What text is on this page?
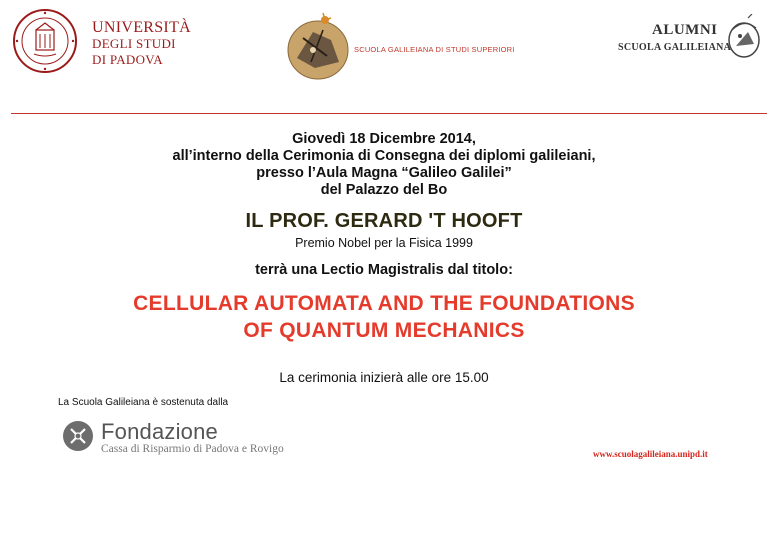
UNIVERSITÀ
DEGLI STUDI
DI PADOVA
SCUOLA GALILEIANA DI STUDI SUPERIORI
ALUMNI
SCUOLA GALILEIANA
Giovedì 18 Dicembre 2014,
all’interno della Cerimonia di Consegna dei diplomi galileiani,
presso l’Aula Magna “Galileo Galilei”
del Palazzo del Bo
IL PROF. GERARD 'T HOOFT
Premio Nobel per la Fisica 1999
terrà una Lectio Magistralis dal titolo:
CELLULAR AUTOMATA AND THE FOUNDATIONS
OF QUANTUM MECHANICS
La cerimonia inizierà alle ore 15.00
La Scuola Galileiana è sostenuta dalla
Fondazione
Cassa di Risparmio di Padova e Rovigo	www.scuolagalileiana.unipd.it
